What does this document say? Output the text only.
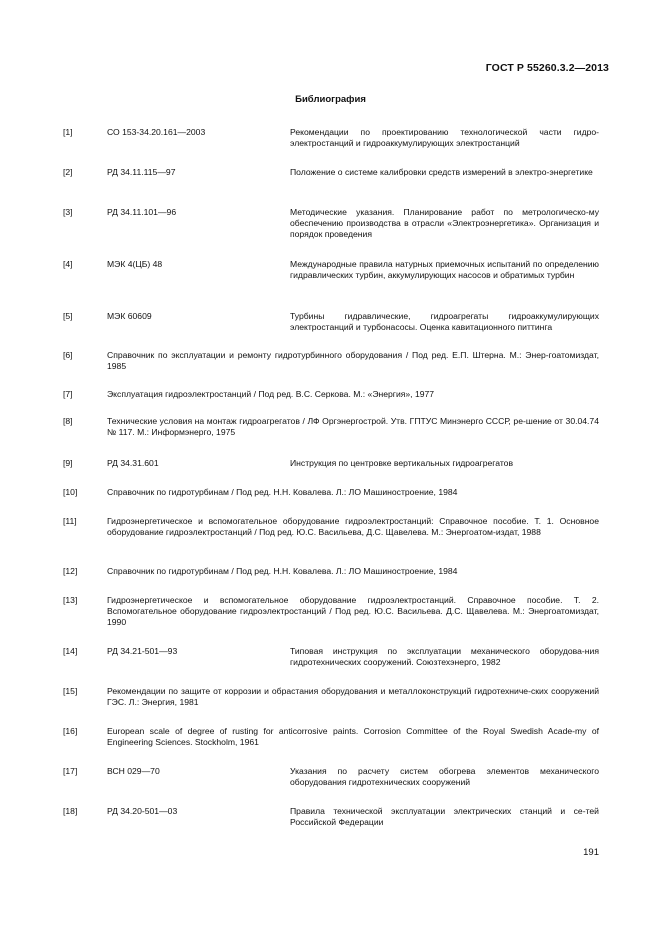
ГОСТ Р 55260.3.2—2013
Библиография
[1]	СО 153-34.20.161—2003	Рекомендации по проектированию технологической части гидро-электростанций и гидроаккумулирующих электростанций
[2]	РД 34.11.115—97	Положение о системе калибровки средств измерений в электро-энергетике
[3]	РД 34.11.101—96	Методические указания. Планирование работ по метрологическо-му обеспечению производства в отрасли «Электроэнергетика». Организация и порядок проведения
[4]	МЭК 4(ЦБ) 48	Международные правила натурных приемочных испытаний по определению гидравлических турбин, аккумулирующих насосов и обратимых турбин
[5]	МЭК 60609	Турбины гидравлические, гидроагрегаты гидроаккумулирующих электростанций и турбонасосы. Оценка кавитационного питтинга
[6]	Справочник по эксплуатации и ремонту гидротурбинного оборудования / Под ред. Е.П. Штерна. М.: Энер-гоатомиздат, 1985
[7]	Эксплуатация гидроэлектростанций / Под ред. В.С. Серкова. М.: «Энергия», 1977
[8]	Технические условия на монтаж гидроагрегатов / ЛФ Оргэнергострой. Утв. ГПТУС Минэнерго СССР, ре-шение от 30.04.74 № 117. М.: Информэнерго, 1975
[9]	РД 34.31.601	Инструкция по центровке вертикальных гидроагрегатов
[10]	Справочник по гидротурбинам / Под ред. Н.Н. Ковалева. Л.: ЛО Машиностроение, 1984
[11]	Гидроэнергетическое и вспомогательное оборудование гидроэлектростанций: Справочное пособие. Т. 1. Основное оборудование гидроэлектростанций / Под ред. Ю.С. Васильева, Д.С. Щавелева. М.: Энергоатом-издат, 1988
[12]	Справочник по гидротурбинам / Под ред. Н.Н. Ковалева. Л.: ЛО Машиностроение, 1984
[13]	Гидроэнергетическое и вспомогательное оборудование гидроэлектростанций. Справочное пособие. Т. 2. Вспомогательное оборудование гидроэлектростанций / Под ред. Ю.С. Васильева. Д.С. Щавелева. М.: Энергоатомиздат, 1990
[14]	РД 34.21-501—93	Типовая инструкция по эксплуатации механического оборудова-ния гидротехнических сооружений. Союзтехэнерго, 1982
[15]	Рекомендации по защите от коррозии и обрастания оборудования и металлоконструкций гидротехниче-ских сооружений ГЭС. Л.: Энергия, 1981
[16]	European scale of degree of rusting for anticorrosive paints. Corrosion Committee of the Royal Swedish Acade-my of Engineering Sciences. Stockholm, 1961
[17]	ВСН 029—70	Указания по расчету систем обогрева элементов механического оборудования гидротехнических сооружений
[18]	РД 34.20-501—03	Правила технической эксплуатации электрических станций и се-тей Российской Федерации
191
